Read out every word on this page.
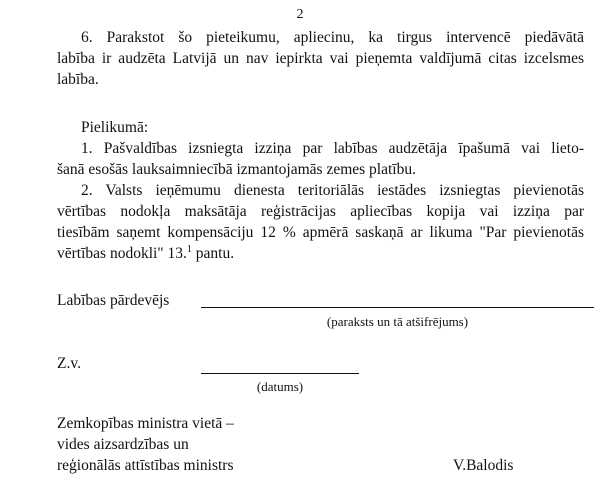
2
6. Parakstot šo pieteikumu, apliecinu, ka tirgus intervencē piedāvātā
labība ir audzēta Latvijā un nav iepirkta vai pieņemta valdījumā citas izcelsmes
labība.
Pielikumā:
1. Pašvaldības izsniegta izziņa par labības audzētāja īpašumā vai lieto-
šanā esošās lauksaimniecībā izmantojamās zemes platību.
2. Valsts ieņēmumu dienesta teritoriālās iestādes izsniegtas pievienotās
vērtības nodokļa maksātāja reģistrācijas apliecības kopija vai izziņa par
tiesībām saņemt kompensāciju 12 % apmērā saskaņā ar likuma "Par pievienotās
vērtības nodokli" 13.$^1$ pantu.
Labības pārdevējs
(paraksts un tā atšifrējums)
Z.v.
(datums)
Zemkopības ministra vietā –
vides aizsardzības un
reģionālās attīstības ministrs	V.Balodis
